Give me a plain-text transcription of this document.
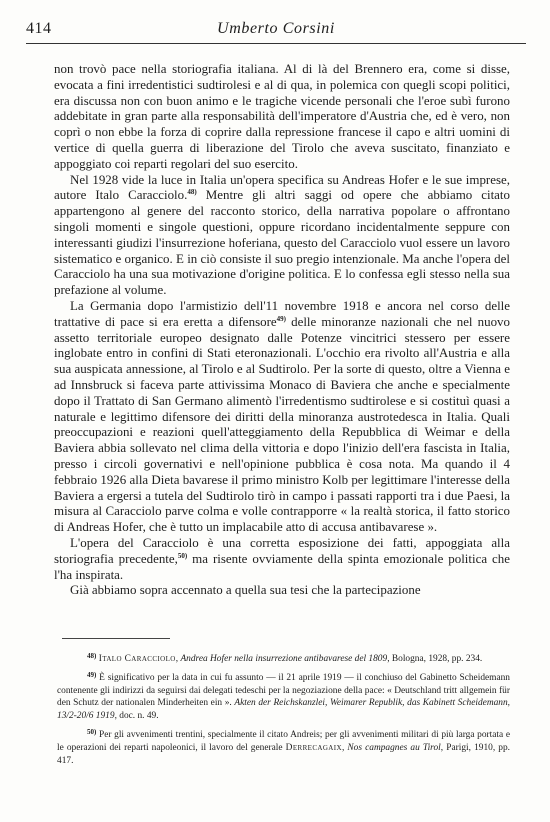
414	Umberto Corsini

non trovò pace nella storiografia italiana. Al di là del Brennero era, come si disse, evocata a fini irredentistici sudtirolesi e al di qua, in polemica con quegli scopi politici, era discussa non con buon animo e le tragiche vicende personali che l'eroe subì furono addebitate in gran parte alla responsabilità dell'imperatore d'Austria che, ed è vero, non coprì o non ebbe la forza di coprire dalla repressione francese il capo e altri uomini di vertice di quella guerra di liberazione del Tirolo che aveva suscitato, finanziato e appoggiato coi reparti regolari del suo esercito.

Nel 1928 vide la luce in Italia un'opera specifica su Andreas Hofer e le sue imprese, autore Italo Caracciolo.$^{48)}$ Mentre gli altri saggi od opere che abbiamo citato appartengono al genere del racconto storico, della narrativa popolare o affrontano singoli momenti e singole questioni, oppure ricordano incidentalmente seppure con interessanti giudizi l'insurrezione hoferiana, questo del Caracciolo vuol essere un lavoro sistematico e organico. E in ciò consiste il suo pregio intenzionale. Ma anche l'opera del Caracciolo ha una sua motivazione d'origine politica. E lo confessa egli stesso nella sua prefazione al volume.

La Germania dopo l'armistizio dell'11 novembre 1918 e ancora nel corso delle trattative di pace si era eretta a difensore$^{49)}$ delle minoranze nazionali che nel nuovo assetto territoriale europeo designato dalle Potenze vincitrici stessero per essere inglobate entro in confini di Stati eteronazionali. L'occhio era rivolto all'Austria e alla sua auspicata annessione, al Tirolo e al Sudtirolo. Per la sorte di questo, oltre a Vienna e ad Innsbruck si faceva parte attivissima Monaco di Baviera che anche e specialmente dopo il Trattato di San Germano alimentò l'irredentismo sudtirolese e si costituì quasi a naturale e legittimo difensore dei diritti della minoranza austrotedesca in Italia. Quali preoccupazioni e reazioni quell'atteggiamento della Repubblica di Weimar e della Baviera abbia sollevato nel clima della vittoria e dopo l'inizio dell'era fascista in Italia, presso i circoli governativi e nell'opinione pubblica è cosa nota. Ma quando il 4 febbraio 1926 alla Dieta bavarese il primo ministro Kolb per legittimare l'interesse della Baviera a ergersi a tutela del Sudtirolo tirò in campo i passati rapporti tra i due Paesi, la misura al Caracciolo parve colma e volle contrapporre « la realtà storica, il fatto storico di Andreas Hofer, che è tutto un implacabile atto di accusa antibavarese ».

L'opera del Caracciolo è una corretta esposizione dei fatti, appoggiata alla storiografia precedente,$^{50)}$ ma risente ovviamente della spinta emozionale politica che l'ha inspirata.

Già abbiamo sopra accennato a quella sua tesi che la partecipazione

$^{48)}$ Italo Caracciolo, Andrea Hofer nella insurrezione antibavarese del 1809, Bologna, 1928, pp. 234.

$^{49)}$ È significativo per la data in cui fu assunto — il 21 aprile 1919 — il conchiuso del Gabinetto Scheidemann contenente gli indirizzi da seguirsi dai delegati tedeschi per la negoziazione della pace: « Deutschland tritt allgemein für den Schutz der nationalen Minderheiten ein ». Akten der Reichskanzlei, Weimarer Republik, das Kabinett Scheidemann, 13/2-20/6 1919, doc. n. 49.

$^{50)}$ Per gli avvenimenti trentini, specialmente il citato Andreis; per gli avvenimenti militari di più larga portata e le operazioni dei reparti napoleonici, il lavoro del generale Derrecagaix, Nos campagnes au Tirol, Parigi, 1910, pp. 417.
